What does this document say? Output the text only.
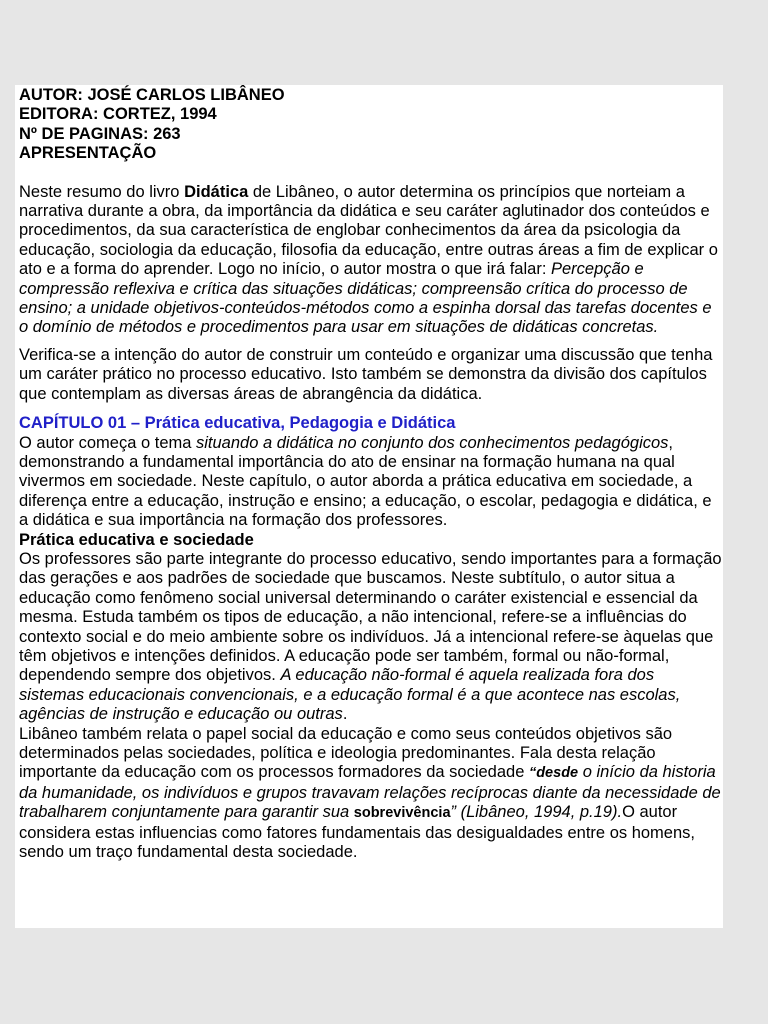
AUTOR: JOSÉ CARLOS LIBÂNEO
EDITORA: CORTEZ, 1994
Nº DE PAGINAS: 263
APRESENTAÇÃO

Neste resumo do livro Didática de Libâneo, o autor determina os princípios que norteiam a narrativa durante a obra, da importância da didática e seu caráter aglutinador dos conteúdos e procedimentos, da sua característica de englobar conhecimentos da área da psicologia da educação, sociologia da educação, filosofia da educação, entre outras áreas a fim de explicar o ato e a forma do aprender. Logo no início, o autor mostra o que irá falar: Percepção e compressão reflexiva e crítica das situações didáticas; compreensão crítica do processo de ensino; a unidade objetivos-conteúdos-métodos como a espinha dorsal das tarefas docentes e o domínio de métodos e procedimentos para usar em situações de didáticas concretas.

Verifica-se a intenção do autor de construir um conteúdo e organizar uma discussão que tenha um caráter prático no processo educativo. Isto também se demonstra da divisão dos capítulos que contemplam as diversas áreas de abrangência da didática.

CAPÍTULO 01 – Prática educativa, Pedagogia e Didática

O autor começa o tema situando a didática no conjunto dos conhecimentos pedagógicos, demonstrando a fundamental importância do ato de ensinar na formação humana na qual vivermos em sociedade. Neste capítulo, o autor aborda a prática educativa em sociedade, a diferença entre a educação, instrução e ensino; a educação, o escolar, pedagogia e didática, e a didática e sua importância na formação dos professores.

Prática educativa e sociedade

Os professores são parte integrante do processo educativo, sendo importantes para a formação das gerações e aos padrões de sociedade que buscamos. Neste subtítulo, o autor situa a educação como fenômeno social universal determinando o caráter existencial e essencial da mesma. Estuda também os tipos de educação, a não intencional, refere-se a influências do contexto social e do meio ambiente sobre os indivíduos. Já a intencional refere-se àquelas que têm objetivos e intenções definidos. A educação pode ser também, formal ou não-formal, dependendo sempre dos objetivos. A educação não-formal é aquela realizada fora dos sistemas educacionais convencionais, e a educação formal é a que acontece nas escolas, agências de instrução e educação ou outras.

Libâneo também relata o papel social da educação e como seus conteúdos objetivos são determinados pelas sociedades, política e ideologia predominantes. Fala desta relação importante da educação com os processos formadores da sociedade “desde o início da historia da humanidade, os indivíduos e grupos travavam relações recíprocas diante da necessidade de trabalharem conjuntamente para garantir sua sobrevivência” (Libâneo, 1994, p.19).O autor considera estas influencias como fatores fundamentais das desigualdades entre os homens, sendo um traço fundamental desta sociedade.
